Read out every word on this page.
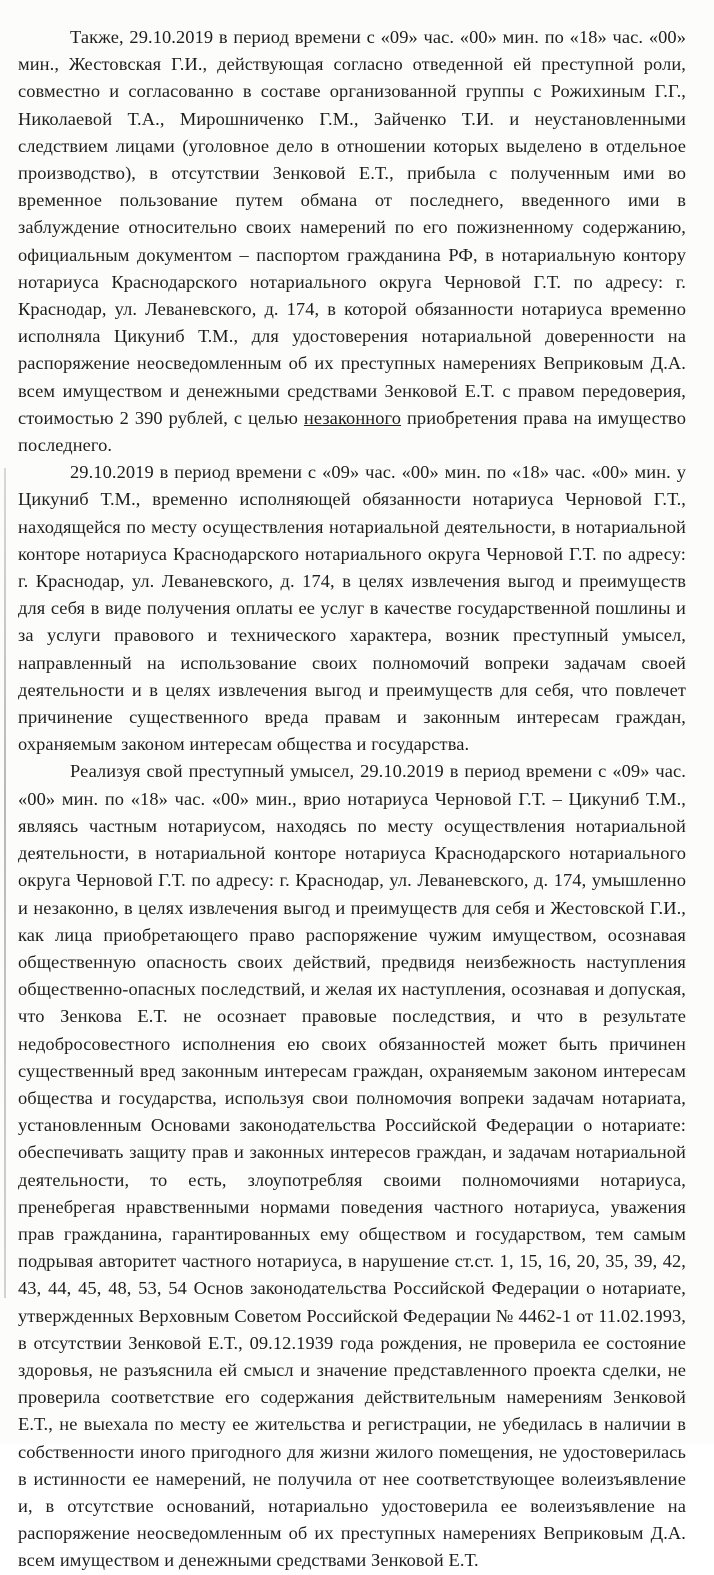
Также, 29.10.2019 в период времени с «09» час. «00» мин. по «18» час. «00» мин., Жестовская Г.И., действующая согласно отведенной ей преступной роли, совместно и согласованно в составе организованной группы с Рожихиным Г.Г., Николаевой Т.А., Мирошниченко Г.М., Зайченко Т.И. и неустановленными следствием лицами (уголовное дело в отношении которых выделено в отдельное производство), в отсутствии Зенковой Е.Т., прибыла с полученным ими во временное пользование путем обмана от последнего, введенного ими в заблуждение относительно своих намерений по его пожизненному содержанию, официальным документом – паспортом гражданина РФ, в нотариальную контору нотариуса Краснодарского нотариального округа Черновой Г.Т. по адресу: г. Краснодар, ул. Леваневского, д. 174, в которой обязанности нотариуса временно исполняла Цикуниб Т.М., для удостоверения нотариальной доверенности на распоряжение неосведомленным об их преступных намерениях Веприковым Д.А. всем имуществом и денежными средствами Зенковой Е.Т. с правом передоверия, стоимостью 2 390 рублей, с целью незаконного приобретения права на имущество последнего.

29.10.2019 в период времени с «09» час. «00» мин. по «18» час. «00» мин. у Цикуниб Т.М., временно исполняющей обязанности нотариуса Черновой Г.Т., находящейся по месту осуществления нотариальной деятельности, в нотариальной конторе нотариуса Краснодарского нотариального округа Черновой Г.Т. по адресу: г. Краснодар, ул. Леваневского, д. 174, в целях извлечения выгод и преимуществ для себя в виде получения оплаты ее услуг в качестве государственной пошлины и за услуги правового и технического характера, возник преступный умысел, направленный на использование своих полномочий вопреки задачам своей деятельности и в целях извлечения выгод и преимуществ для себя, что повлечет причинение существенного вреда правам и законным интересам граждан, охраняемым законом интересам общества и государства.

Реализуя свой преступный умысел, 29.10.2019 в период времени с «09» час. «00» мин. по «18» час. «00» мин., врио нотариуса Черновой Г.Т. – Цикуниб Т.М., являясь частным нотариусом, находясь по месту осуществления нотариальной деятельности, в нотариальной конторе нотариуса Краснодарского нотариального округа Черновой Г.Т. по адресу: г. Краснодар, ул. Леваневского, д. 174, умышленно и незаконно, в целях извлечения выгод и преимуществ для себя и Жестовской Г.И., как лица приобретающего право распоряжение чужим имуществом, осознавая общественную опасность своих действий, предвидя неизбежность наступления общественно-опасных последствий, и желая их наступления, осознавая и допуская, что Зенкова Е.Т. не осознает правовые последствия, и что в результате недобросовестного исполнения ею своих обязанностей может быть причинен существенный вред законным интересам граждан, охраняемым законом интересам общества и государства, используя свои полномочия вопреки задачам нотариата, установленным Основами законодательства Российской Федерации о нотариате: обеспечивать защиту прав и законных интересов граждан, и задачам нотариальной деятельности, то есть, злоупотребляя своими полномочиями нотариуса, пренебрегая нравственными нормами поведения частного нотариуса, уважения прав гражданина, гарантированных ему обществом и государством, тем самым подрывая авторитет частного нотариуса, в нарушение ст.ст. 1, 15, 16, 20, 35, 39, 42, 43, 44, 45, 48, 53, 54 Основ законодательства Российской Федерации о нотариате, утвержденных Верховным Советом Российской Федерации № 4462-1 от 11.02.1993, в отсутствии Зенковой Е.Т., 09.12.1939 года рождения, не проверила ее состояние здоровья, не разъяснила ей смысл и значение представленного проекта сделки, не проверила соответствие его содержания действительным намерениям Зенковой Е.Т., не выехала по месту ее жительства и регистрации, не убедилась в наличии в собственности иного пригодного для жизни жилого помещения, не удостоверилась в истинности ее намерений, не получила от нее соответствующее волеизъявление и, в отсутствие оснований, нотариально удостоверила ее волеизъявление на распоряжение неосведомленным об их преступных намерениях Веприковым Д.А. всем имуществом и денежными средствами Зенковой Е.Т.
